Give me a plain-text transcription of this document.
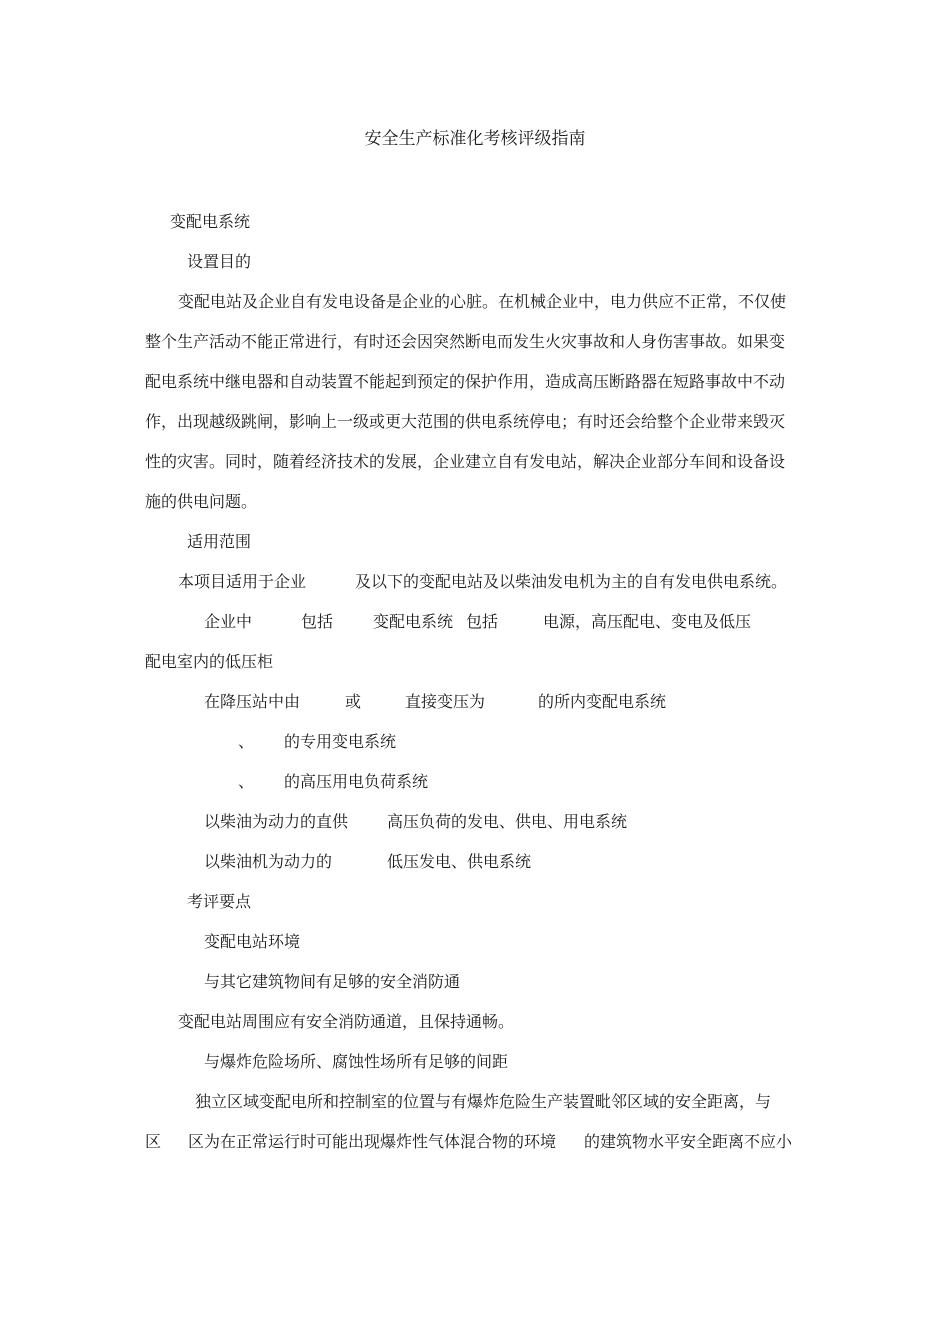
安全生产标准化考核评级指南
变配电系统
设置目的
变配电站及企业自有发电设备是企业的心脏。在机械企业中，电力供应不正常，不仅使
整个生产活动不能正常进行，有时还会因突然断电而发生火灾事故和人身伤害事故。如果变
配电系统中继电器和自动装置不能起到预定的保护作用，造成高压断路器在短路事故中不动
作，出现越级跳闸，影响上一级或更大范围的供电系统停电；有时还会给整个企业带来毁灭
性的灾害。同时，随着经济技术的发展，企业建立自有发电站，解决企业部分车间和设备设
施的供电问题。
适用范围
本项目适用于企业	及以下的变配电站及以柴油发电机为主的自有发电供电系统。
企业中	包括 变配电系统 包括	电源，高压配电、变电及低压
配电室内的低压柜
在降压站中由	或	直接变压为	的所内变配电系统
、 的专用变电系统
、 的高压用电负荷系统
以柴油为动力的直供 高压负荷的发电、供电、用电系统
以柴油机为动力的	低压发电、供电系统
考评要点
变配电站环境
与其它建筑物间有足够的安全消防通
变配电站周围应有安全消防通道，且保持通畅。
与爆炸危险场所、腐蚀性场所有足够的间距
独立区域变配电所和控制室的位置与有爆炸危险生产装置毗邻区域的安全距离，与
区 区为在正常运行时可能出现爆炸性气体混合物的环境 的建筑物水平安全距离不应小
